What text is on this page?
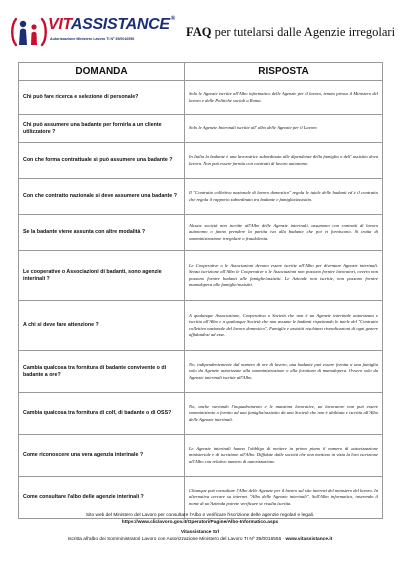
VITASSISTANCE®
Autorizzazione Ministero Lavoro TI Nº 39/0016556	FAQ per tutelarsi dalle Agenzie irregolari
DOMANDA	RISPOSTA
Chi può fare ricerca e selezione di personale?	Solo le Agenzie iscritte all'Albo informatico delle Agenzie per il lavoro, tenuto presso il Ministero del lavoro e delle Politiche sociali a Roma.
Chi può assumere una badante per fornirla a un cliente utilizzatore ?	Solo le Agenzie Interinali iscritte all' albo delle Agenzie per il Lavoro
Con che forma contrattuale si può assumere una badante ?	In Italia la badante è una lavoratrice subordinata alle dipendenze della famiglia o dell' assistito dova lavora. Non può essere fornita con contratti di lavoro autonomo.
Con che contratto nazionale si deve assumere una badante ?	Il "Contratto collettivo nazionale di lavoro domestico" regola le tutele delle badanti ed è il contratto che regola il rapporto subordinato tra badante e famiglia/assistito.
Se la badante viene assunta con altre modalità ?	Alcune società non iscritte all'Albo delle Agenzie interinali, assumono con contratti di lavoro autonomo o fanno prendere la partita iva alla badante che poi vi forniscono. Si tratta di somministrazione irregolare o fraudolenta.
Le cooperative o Associazioni di badanti, sono agenzie interinali ?	Le Cooperative o le Associazioni devono essere iscritte all'Albo per diventare Agenzie interinali. Senza iscrizione all'Albo le Cooperative o le Associazioni non possono fornire lavoratori, ovvero non possono fornire badanti alle famiglie/assistiti. Le Aziende non iscritte, non possono fornire manodopera alle famiglie/assistiti.
A chi si deve fare attenzione ?	A qualunque Associazione, Cooperativa o Società che non è un Agenzie interinale autorizzata e iscritta all'Albo e a qualunque Società che non assume le badanti rispettando le tutele del "Contratto collettivo nazionale del lavoro domestico". Famiglie e assistiti rischiano rivendicazioni di ogni genere affidandosi ad esse.
Cambia qualcosa tra fornitura di badante convivente o di badante a ore?	No, indipendentemente dal numero di ore di lavoro, una badante può essere fornita a una famiglia solo da Agenzie autorizzate alla somministrazione o alla fornitura di manodopera. Ovvero solo da Agenzie interinali iscritte all'Albo.
Cambia qualcosa tra fornitura di colf, di badante o di OSS?	No, anche variando l'inquadramento e le mansioni lavorative, un lavoratore non può essere somministrato o fornito ad una famiglia/assistito da una Società che non è abilitata e iscritta all'Albo delle Agenzie interinali.
Come riconoscere una vera agenzia interinale ?	Le Agenzie interinali hanno l'obbligo di mettere in primo piano il numero di autorizzazione ministeriale e di iscrizione all'Albo. Diffidate dalle società che non mettono in vista la loro iscrizione all'Albo con relativo numero di autorizzazione.
Come consultare l'albo delle agenzie interinali ?	Chiunque può consultare l'Albo delle Agenzie per il lavoro sul sito internet del ministero del lavoro. In alternativa cercare su internet "Albo delle Agenzie interinali". Sull'Albo informatico, inserendo il nome di un'Azienda potrete verificare se risulta iscritta.
Sito web del Ministero del Lavoro per consultare l'Albo e verificare l'iscrizione delle agenzie regolari e legali.
https://www.cliclavoro.gov.it/Operatori/Pagine/Albo-Informatico.aspx
Vitassistance Srl
Iscritta all'albo dei Somministratori Lavoro con Autorizzazione Ministero del Lavoro TI Nº 39/0016556 · www.vitassistance.it
